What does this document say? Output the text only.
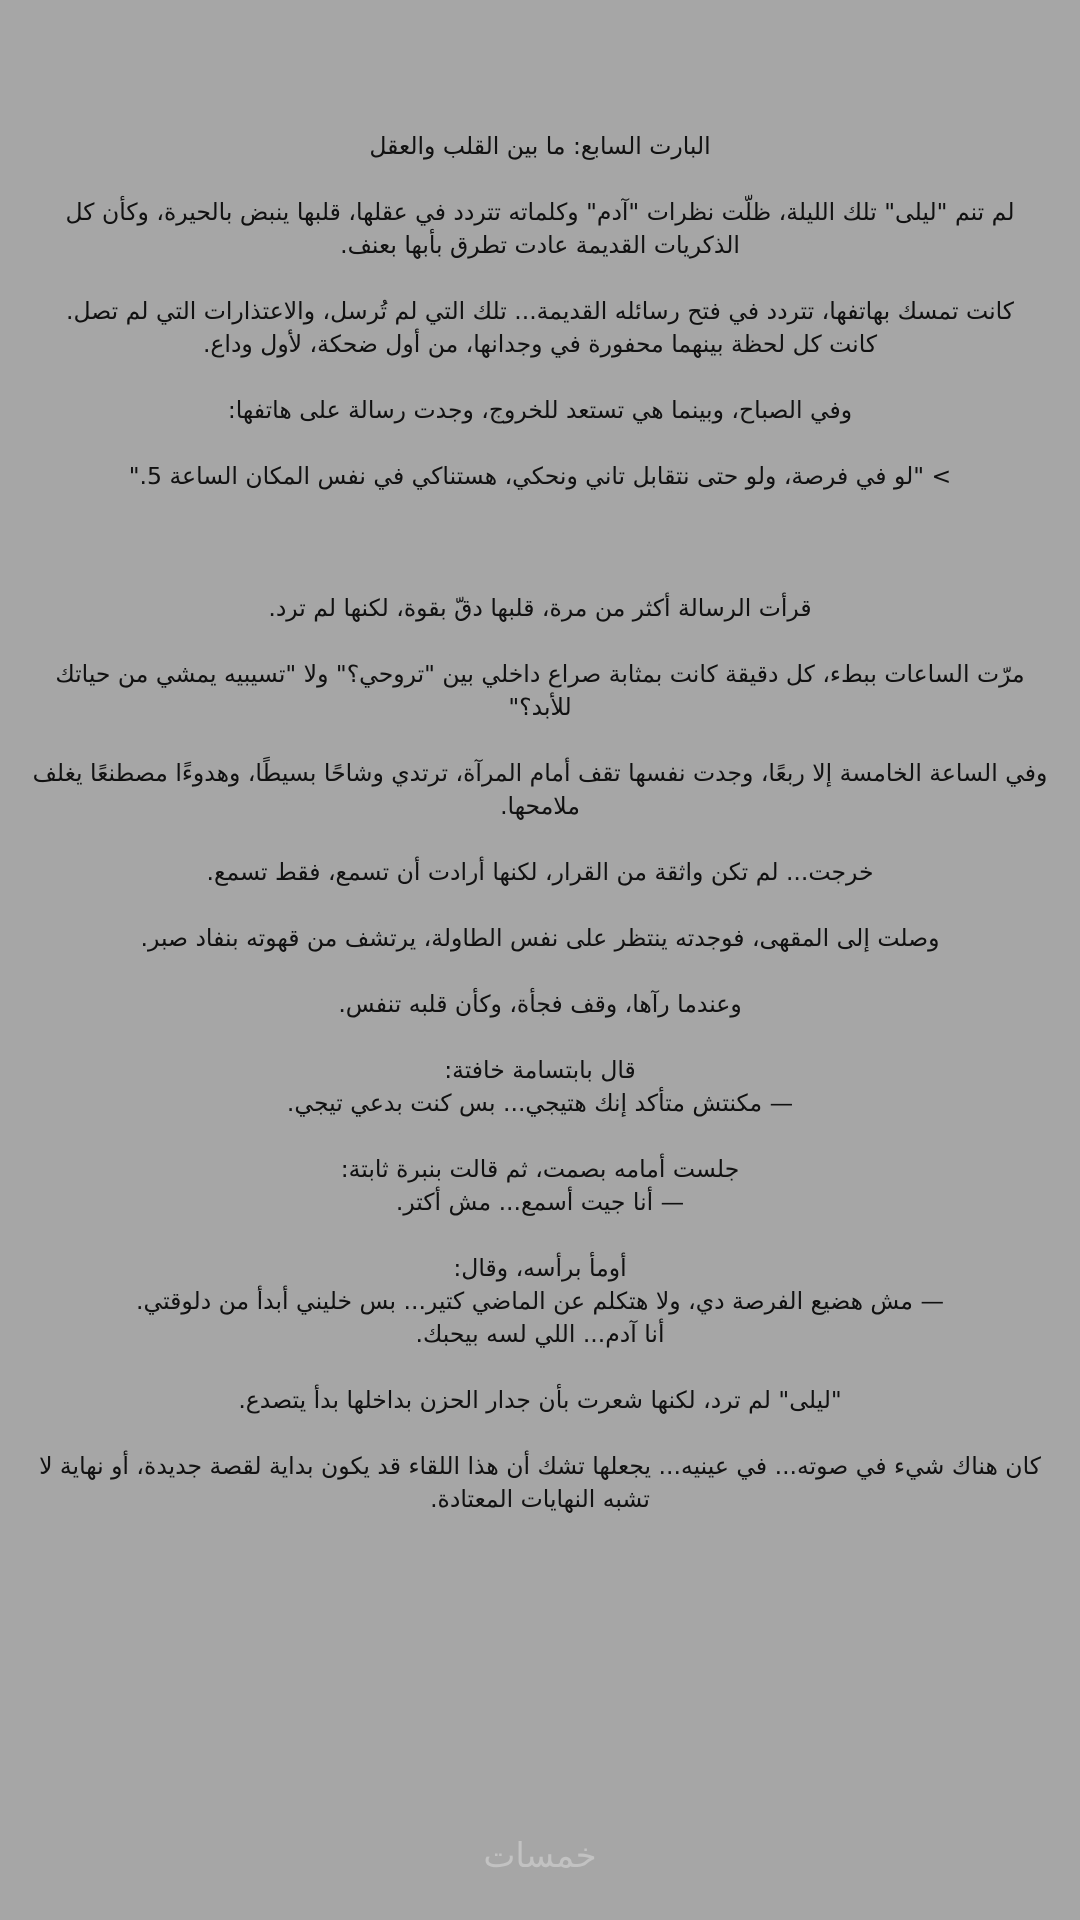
البارت السابع: ما بين القلب والعقل

لم تنم "ليلى" تلك الليلة، ظلّت نظرات "آدم" وكلماته تتردد في عقلها، قلبها ينبض بالحيرة، وكأن كل
الذكريات القديمة عادت تطرق بأبها بعنف.

كانت تمسك بهاتفها، تتردد في فتح رسائله القديمة... تلك التي لم تُرسل، والاعتذارات التي لم تصل.
كانت كل لحظة بينهما محفورة في وجدانها، من أول ضحكة، لأول وداع.

وفي الصباح، وبينما هي تستعد للخروج، وجدت رسالة على هاتفها:

> "لو في فرصة، ولو حتى نتقابل تاني ونحكي، هستناكي في نفس المكان الساعة 5."

قرأت الرسالة أكثر من مرة، قلبها دقّ بقوة، لكنها لم ترد.

مرّت الساعات ببطء، كل دقيقة كانت بمثابة صراع داخلي بين "تروحي؟" ولا "تسيبيه يمشي من حياتك
للأبد؟"

وفي الساعة الخامسة إلا ربعًا، وجدت نفسها تقف أمام المرآة، ترتدي وشاحًا بسيطًا، وهدوءًا مصطنعًا يغلف
ملامحها.

خرجت... لم تكن واثقة من القرار، لكنها أرادت أن تسمع، فقط تسمع.

وصلت إلى المقهى، فوجدته ينتظر على نفس الطاولة، يرتشف من قهوته بنفاد صبر.

وعندما رآها، وقف فجأة، وكأن قلبه تنفس.

قال بابتسامة خافتة:
— مكنتش متأكد إنك هتيجي... بس كنت بدعي تيجي.

جلست أمامه بصمت، ثم قالت بنبرة ثابتة:
— أنا جيت أسمع... مش أكتر.

أومأ برأسه، وقال:
— مش هضيع الفرصة دي، ولا هتكلم عن الماضي كتير... بس خليني أبدأ من دلوقتي.
أنا آدم... اللي لسه بيحبك.

"ليلى" لم ترد، لكنها شعرت بأن جدار الحزن بداخلها بدأ يتصدع.

كان هناك شيء في صوته... في عينيه... يجعلها تشك أن هذا اللقاء قد يكون بداية لقصة جديدة، أو نهاية لا
تشبه النهايات المعتادة.

خمسات
